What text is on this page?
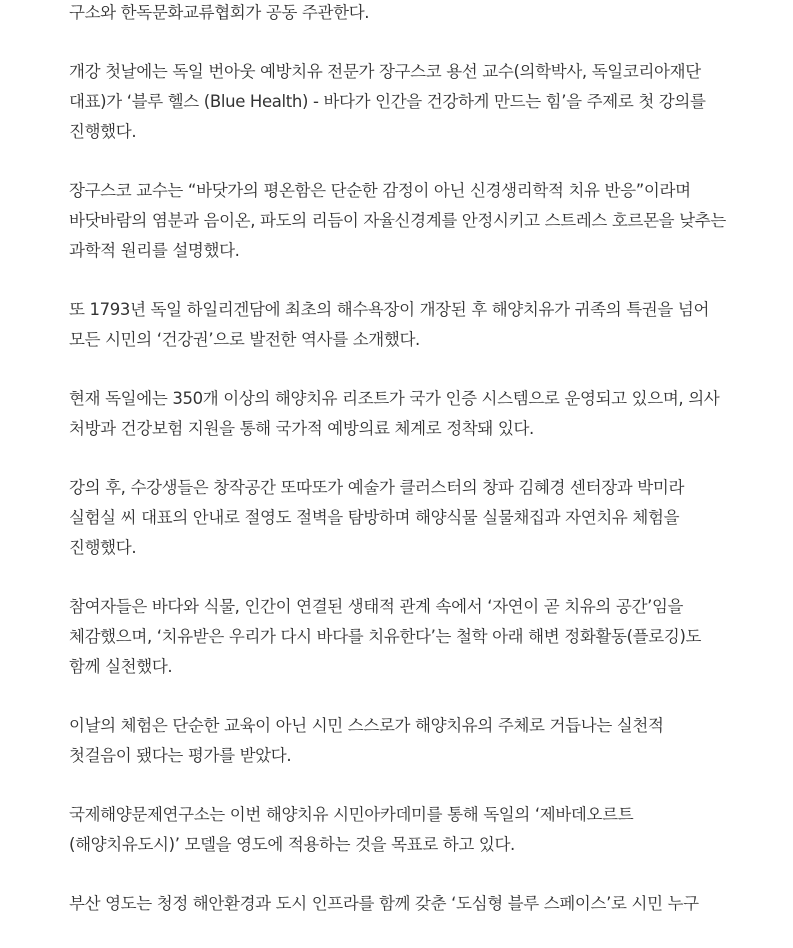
구소와 한독문화교류협회가 공동 주관한다.

개강 첫날에는 독일 번아웃 예방치유 전문가 장구스코 용선 교수(의학박사, 독일코리아재단 대표)가 ‘블루 헬스 (Blue Health) - 바다가 인간을 건강하게 만드는 힘’을 주제로 첫 강의를 진행했다.

장구스코 교수는 “바닷가의 평온함은 단순한 감정이 아닌 신경생리학적 치유 반응”이라며 바닷바람의 염분과 음이온, 파도의 리듬이 자율신경계를 안정시키고 스트레스 호르몬을 낮추는 과학적 원리를 설명했다.

또 1793년 독일 하일리겐담에 최초의 해수욕장이 개장된 후 해양치유가 귀족의 특권을 넘어 모든 시민의 ‘건강권’으로 발전한 역사를 소개했다.

현재 독일에는 350개 이상의 해양치유 리조트가 국가 인증 시스템으로 운영되고 있으며, 의사 처방과 건강보험 지원을 통해 국가적 예방의료 체계로 정착돼 있다.

강의 후, 수강생들은 창작공간 또따또가 예술가 클러스터의 창파 김혜경 센터장과 박미라 실험실 씨 대표의 안내로 절영도 절벽을 탐방하며 해양식물 실물채집과 자연치유 체험을 진행했다.

참여자들은 바다와 식물, 인간이 연결된 생태적 관계 속에서 ‘자연이 곧 치유의 공간’임을 체감했으며, ‘치유받은 우리가 다시 바다를 치유한다’는 철학 아래 해변 정화활동(플로깅)도 함께 실천했다.

이날의 체험은 단순한 교육이 아닌 시민 스스로가 해양치유의 주체로 거듭나는 실천적 첫걸음이 됐다는 평가를 받았다.

국제해양문제연구소는 이번 해양치유 시민아카데미를 통해 독일의 ‘제바데오르트(해양치유도시)’ 모델을 영도에 적용하는 것을 목표로 하고 있다.

부산 영도는 청정 해안환경과 도시 인프라를 함께 갖춘 ‘도심형 블루 스페이스’로 시민 누구
